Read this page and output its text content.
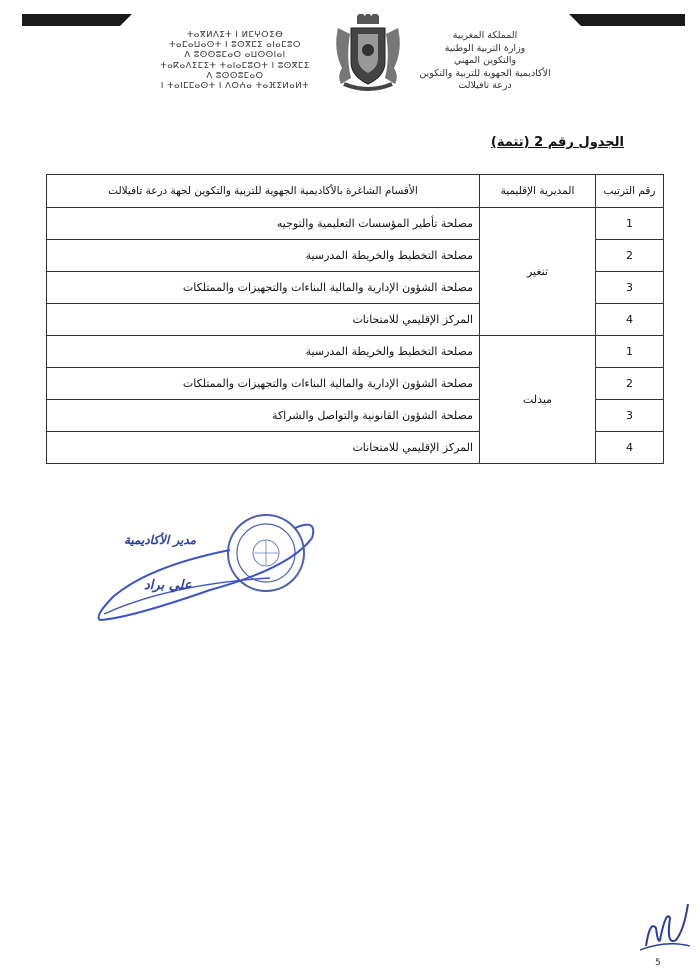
ⵜⴰⴳⵍⴷⵉⵜ ⵏ ⵍⵎⵖⵔⵉⴱ
ⵜⴰⵎⴰⵡⴰⵙⵜ ⵏ ⵓⵙⴳⵎⵉ ⴰⵏⴰⵎⵓⵔ
ⴷ ⵓⵙⵙⵓⵎⴰⵔ ⴰⵡⵙⵙⵏⴰⵏ
ⵜⴰⴽⴰⴷⵉⵎⵉⵜ ⵜⴰⵏⴰⵎⵓⵔⵜ ⵏ ⵓⵙⴳⵎⵉ
ⴷ ⵓⵙⵙⵓⵎⴰⵔ
ⵏ ⵜⴰⵏⵎⵎⴰⵙⵜ ⵏ ⴷⵔⵄⴰ ⵜⴰⴼⵉⵍⴰⵍⵜ
المملكة المغربية
وزارة التربية الوطنية
والتكوين المهني
الأكاديمية الجهوية للتربية والتكوين
درعة تافيلالت
الجدول رقم 2 (تتمة)
رقم الترتيب	المديرية الإقليمية	الأقسام الشاغرة بالأكاديمية الجهوية للتربية والتكوين لجهة درعة تافيلالت
1	تنغير	مصلحة تأطير المؤسسات التعليمية والتوجيه
2		مصلحة التخطيط والخريطة المدرسية
3		مصلحة الشؤون الإدارية والمالية البناءات والتجهيزات والممتلكات
4		المركز الإقليمي للامتحانات
1	ميدلت	مصلحة التخطيط والخريطة المدرسية
2		مصلحة الشؤون الإدارية والمالية البناءات والتجهيزات والممتلكات
3		مصلحة الشؤون القانونية والتواصل والشراكة
4		المركز الإقليمي للامتحانات
مدير الأكاديمية
علي براد
5
